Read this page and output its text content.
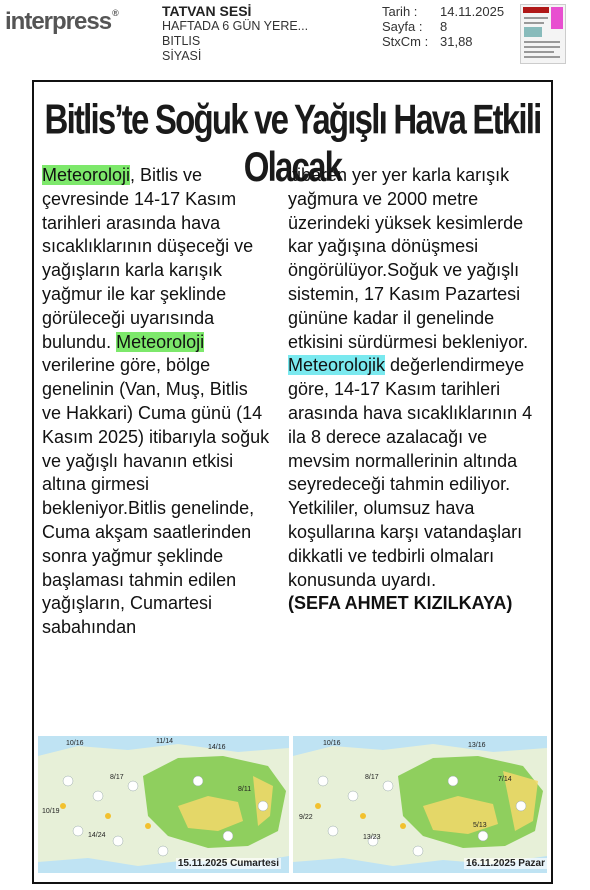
interpress®	TATVAN SESİ
HAFTADA 6 GÜN YERE...
BITLIS
SİYASİ
Tarih :	14.11.2025
Sayfa :	8
StxCm : 31,88
Bitlis’te Soğuk ve Yağışlı Hava Etkili Olacak

Meteoroloji, Bitlis ve çevresinde 14-17 Kasım tarihleri arasında hava sıcaklıklarının düşeceği ve yağışların karla karışık yağmur ile kar şeklinde görüleceği uyarısında bulundu. Meteoroloji verilerine göre, bölge genelinin (Van, Muş, Bitlis ve Hakkari) Cuma günü (14 Kasım 2025) itibarıyla soğuk ve yağışlı havanın etkisi altına girmesi bekleniyor.Bitlis genelinde, Cuma akşam saatlerinden sonra yağmur şeklinde başlaması tahmin edilen yağışların, Cumartesi sabahından

itibaren yer yer karla karışık yağmura ve 2000 metre üzerindeki yüksek kesimlerde kar yağışına dönüşmesi öngörülüyor.Soğuk ve yağışlı sistemin, 17 Kasım Pazartesi gününe kadar il genelinde etkisini sürdürmesi bekleniyor. Meteorolojik değerlendirmeye göre, 14-17 Kasım tarihleri arasında hava sıcaklıklarının 4 ila 8 derece azalacağı ve mevsim normallerinin altında seyredeceği tahmin ediliyor.

Yetkililer, olumsuz hava koşullarına karşı vatandaşları dikkatli ve tedbirli olmaları konusunda uyardı.

(SEFA AHMET KIZILKAYA)

10/16	11/14
14/16
8/17
10/19
14/24
8/11
15.11.2025 Cumartesi
10/16	13/16
8/17
9/22
13/23
5/13
7/14
16.11.2025 Pazar
